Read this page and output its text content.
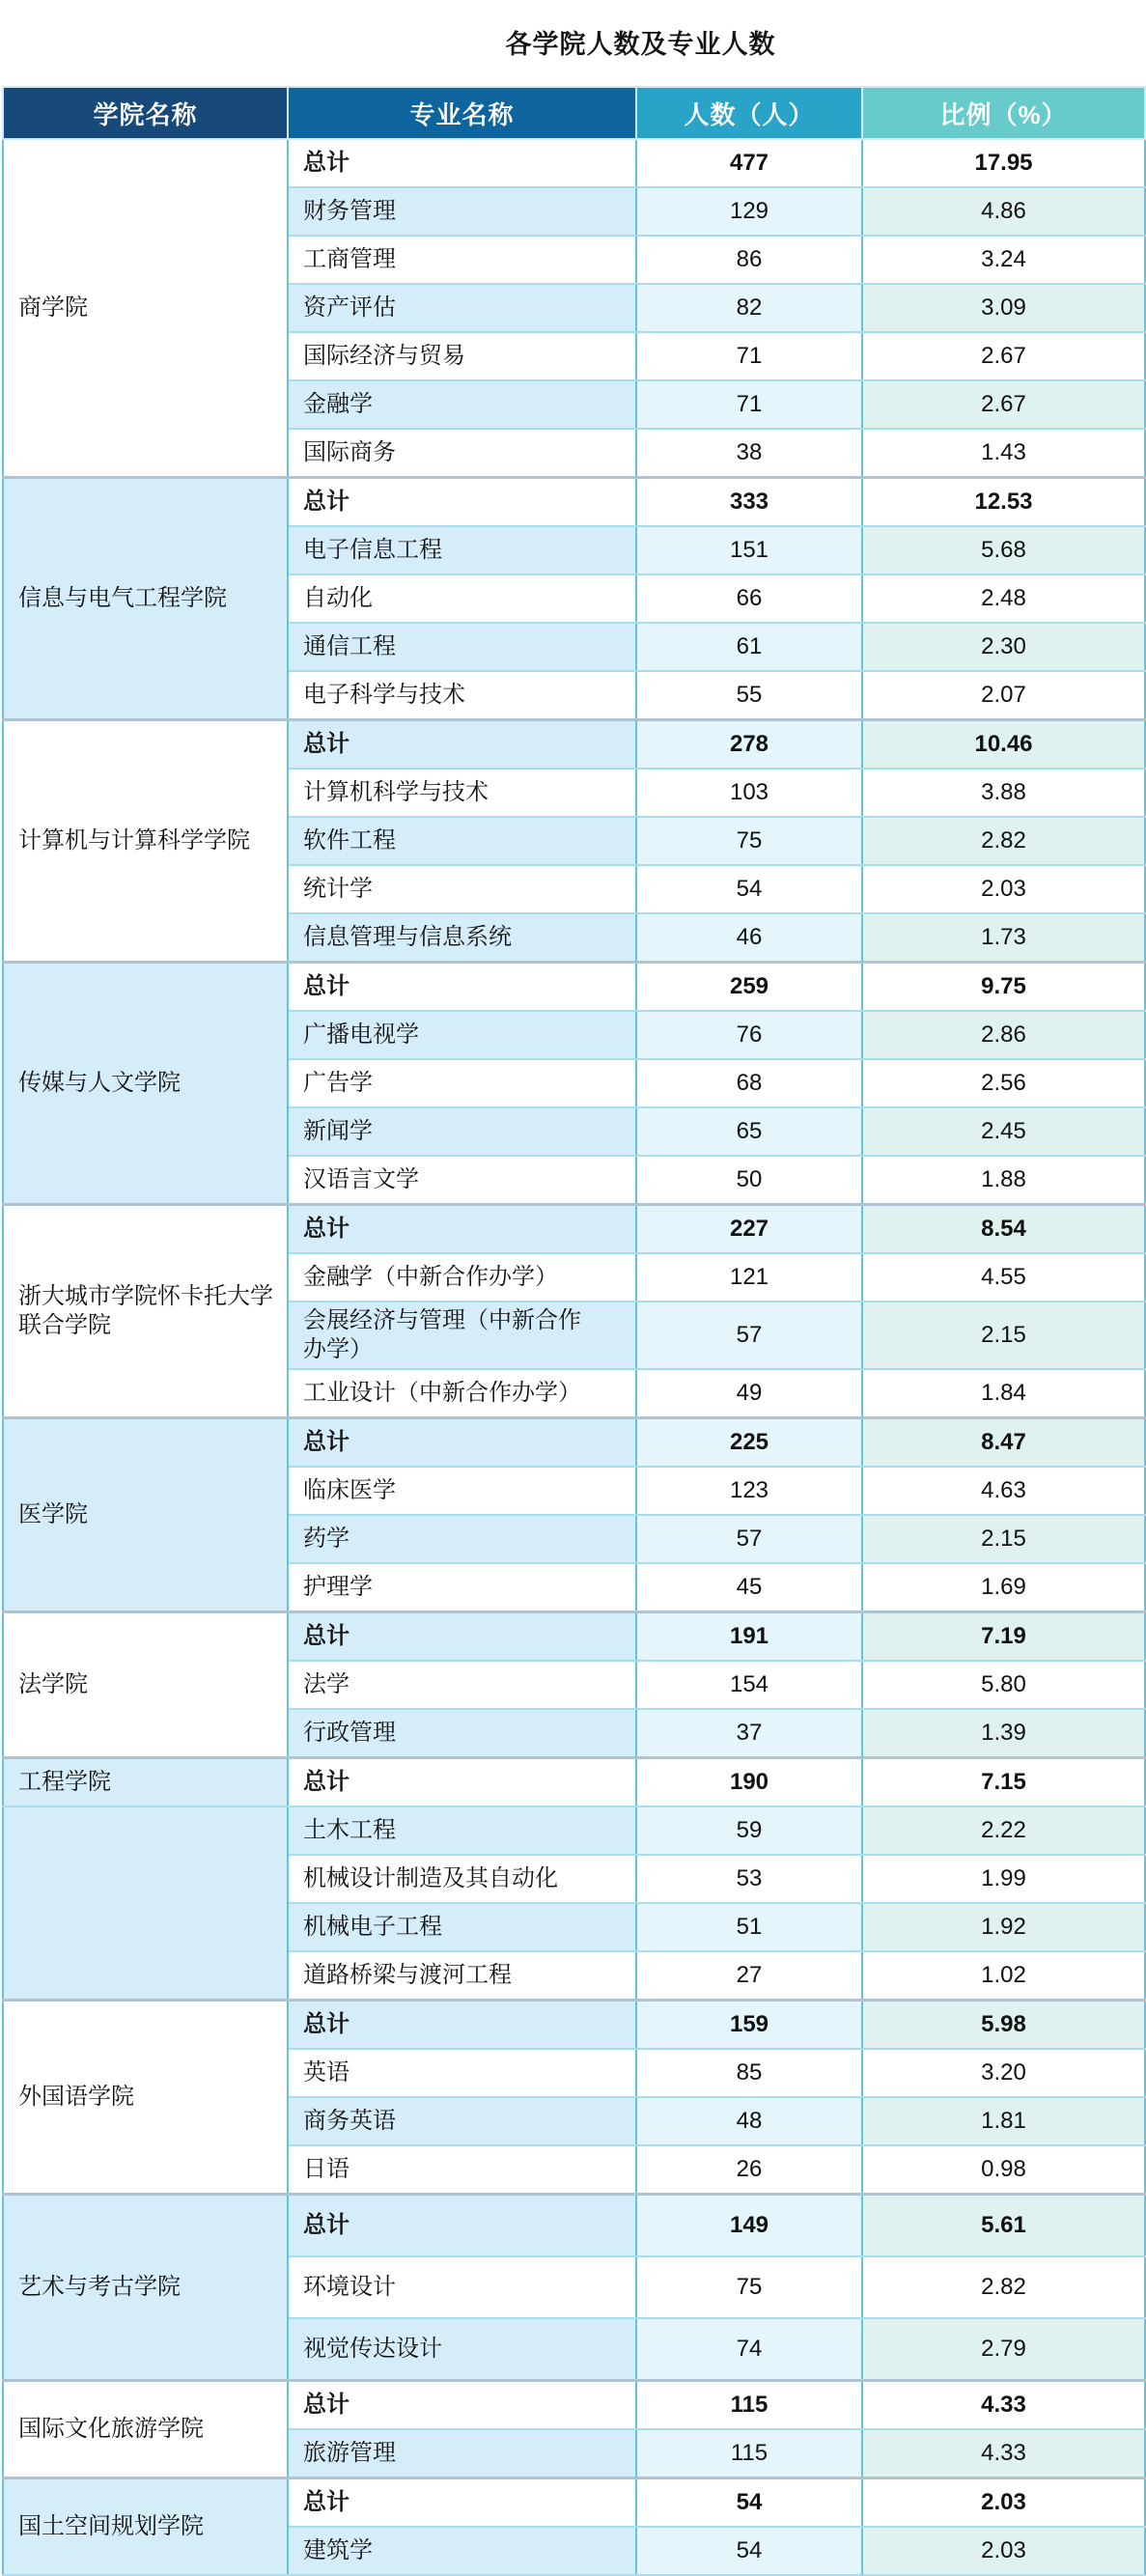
各学院人数及专业人数
学院名称	专业名称	人数（人）	比例（%）
商学院	总计	477	17.95
	财务管理	129	4.86
	工商管理	86	3.24
	资产评估	82	3.09
	国际经济与贸易	71	2.67
	金融学	71	2.67
	国际商务	38	1.43
信息与电气工程学院	总计	333	12.53
	电子信息工程	151	5.68
	自动化	66	2.48
	通信工程	61	2.30
	电子科学与技术	55	2.07
计算机与计算科学学院	总计	278	10.46
	计算机科学与技术	103	3.88
	软件工程	75	2.82
	统计学	54	2.03
	信息管理与信息系统	46	1.73
传媒与人文学院	总计	259	9.75
	广播电视学	76	2.86
	广告学	68	2.56
	新闻学	65	2.45
	汉语言文学	50	1.88
浙大城市学院怀卡托大学联合学院	总计	227	8.54
	金融学（中新合作办学）	121	4.55
	会展经济与管理（中新合作办学）	57	2.15
	工业设计（中新合作办学）	49	1.84
医学院	总计	225	8.47
	临床医学	123	4.63
	药学	57	2.15
	护理学	45	1.69
法学院	总计	191	7.19
	法学	154	5.80
	行政管理	37	1.39
工程学院	总计	190	7.15
	土木工程	59	2.22
	机械设计制造及其自动化	53	1.99
	机械电子工程	51	1.92
	道路桥梁与渡河工程	27	1.02
外国语学院	总计	159	5.98
	英语	85	3.20
	商务英语	48	1.81
	日语	26	0.98
艺术与考古学院	总计	149	5.61
	环境设计	75	2.82
	视觉传达设计	74	2.79
国际文化旅游学院	总计	115	4.33
	旅游管理	115	4.33
国土空间规划学院	总计	54	2.03
	建筑学	54	2.03
